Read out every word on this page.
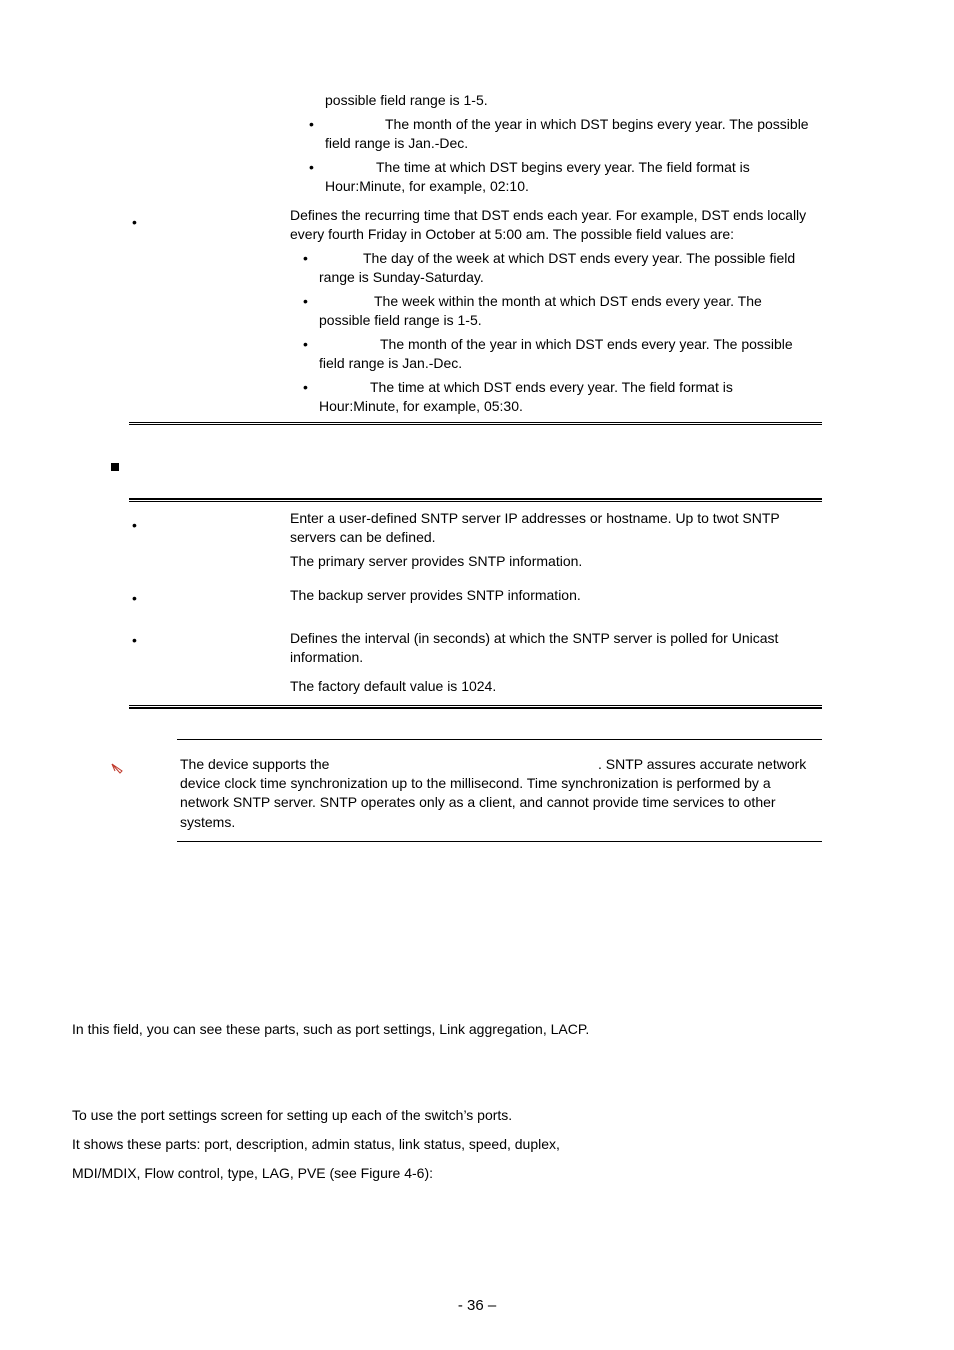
possible field range is 1-5.
•	The month of the year in which DST begins every year. The possible
field range is Jan.-Dec.
•	The time at which DST begins every year. The field format is
Hour:Minute, for example, 02:10.
•	Defines the recurring time that DST ends each year. For example, DST ends locally
every fourth Friday in October at 5:00 am. The possible field values are:
•	The day of the week at which DST ends every year. The possible field
range is Sunday-Saturday.
•	The week within the month at which DST ends every year. The
possible field range is 1-5.
•	The month of the year in which DST ends every year. The possible
field range is Jan.-Dec.
•	The time at which DST ends every year. The field format is
Hour:Minute, for example, 05:30.
•	Enter a user-defined SNTP server IP addresses or hostname. Up to twot SNTP
servers can be defined.
The primary server provides SNTP information.
•	The backup server provides SNTP information.
•	Defines the interval (in seconds) at which the SNTP server is polled for Unicast
information.
The factory default value is 1024.
The device supports the	. SNTP assures accurate network
device clock time synchronization up to the millisecond. Time synchronization is performed by a
network SNTP server. SNTP operates only as a client, and cannot provide time services to other
systems.
In this field, you can see these parts, such as port settings, Link aggregation, LACP.
To use the port settings screen for setting up each of the switch’s ports.
It shows these parts: port, description, admin status, link status, speed, duplex,
MDI/MDIX, Flow control, type, LAG, PVE (see Figure 4-6):
- 36 –
